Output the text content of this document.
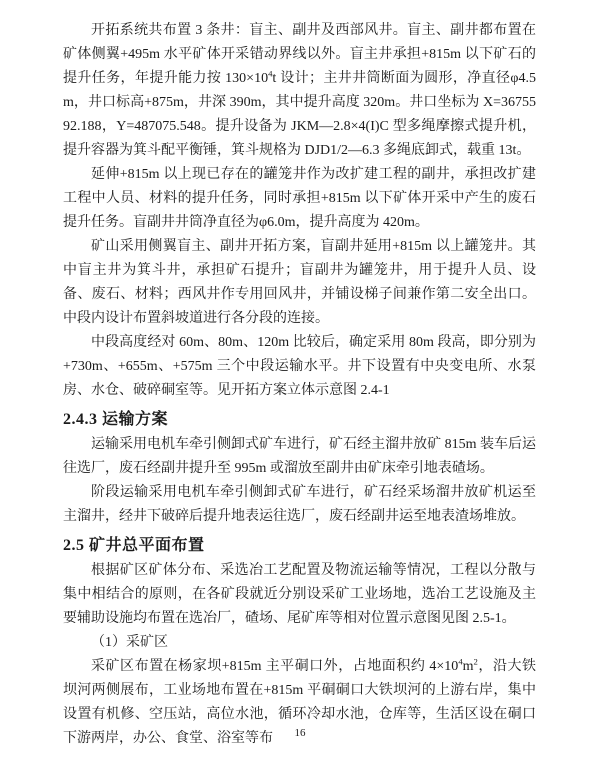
开拓系统共布置 3 条井：盲主、副井及西部风井。盲主、副井都布置在矿体侧翼+495m 水平矿体开采错动界线以外。盲主井承担+815m 以下矿石的提升任务，年提升能力按 $130\times 10^4t$ 设计；主井井筒断面为圆形，净直径φ4.5 m，井口标高+875m，井深 390m，其中提升高度 320m。井口坐标为 X=3675592.188，Y=487075.548。提升设备为 JKM—2.8×4(I)C 型多绳摩擦式提升机，提升容器为箕斗配平衡锤，箕斗规格为 DJD1/2—6.3 多绳底卸式，载重 13t。

延伸+815m 以上现已存在的罐笼井作为改扩建工程的副井，承担改扩建工程中人员、材料的提升任务，同时承担+815m 以下矿体开采中产生的废石提升任务。盲副井井筒净直径为φ6.0m，提升高度为 420m。

矿山采用侧翼盲主、副井开拓方案，盲副井延用+815m 以上罐笼井。其中盲主井为箕斗井，承担矿石提升；盲副井为罐笼井，用于提升人员、设备、废石、材料；西风井作专用回风井，并铺设梯子间兼作第二安全出口。中段内设计布置斜坡道进行各分段的连接。

中段高度经对 60m、80m、120m 比较后，确定采用 80m 段高，即分别为+730m、+655m、+575m 三个中段运输水平。井下设置有中央变电所、水泵房、水仓、破碎硐室等。见开拓方案立体示意图 2.4-1

2.4.3 运输方案

运输采用电机车牵引侧卸式矿车进行，矿石经主溜井放矿 815m 装车后运往选厂，废石经副井提升至 995m 或溜放至副井由矿床牵引地表碴场。

阶段运输采用电机车牵引侧卸式矿车进行，矿石经采场溜井放矿机运至主溜井，经井下破碎后提升地表运往选厂，废石经副井运至地表渣场堆放。

2.5 矿井总平面布置

根据矿区矿体分布、采选冶工艺配置及物流运输等情况，工程以分散与集中相结合的原则，在各矿段就近分别设采矿工业场地，选冶工艺设施及主要辅助设施均布置在选冶厂，碴场、尾矿库等相对位置示意图见图 2.5-1。

（1）采矿区

采矿区布置在杨家坝+815m 主平硐口外，占地面积约 $4\times 10^4m^2$，沿大铁坝河两侧展布，工业场地布置在+815m 平硐硐口大铁坝河的上游右岸，集中设置有机修、空压站，高位水池，循环冷却水池，仓库等，生活区设在硐口下游两岸，办公、食堂、浴室等布	16
